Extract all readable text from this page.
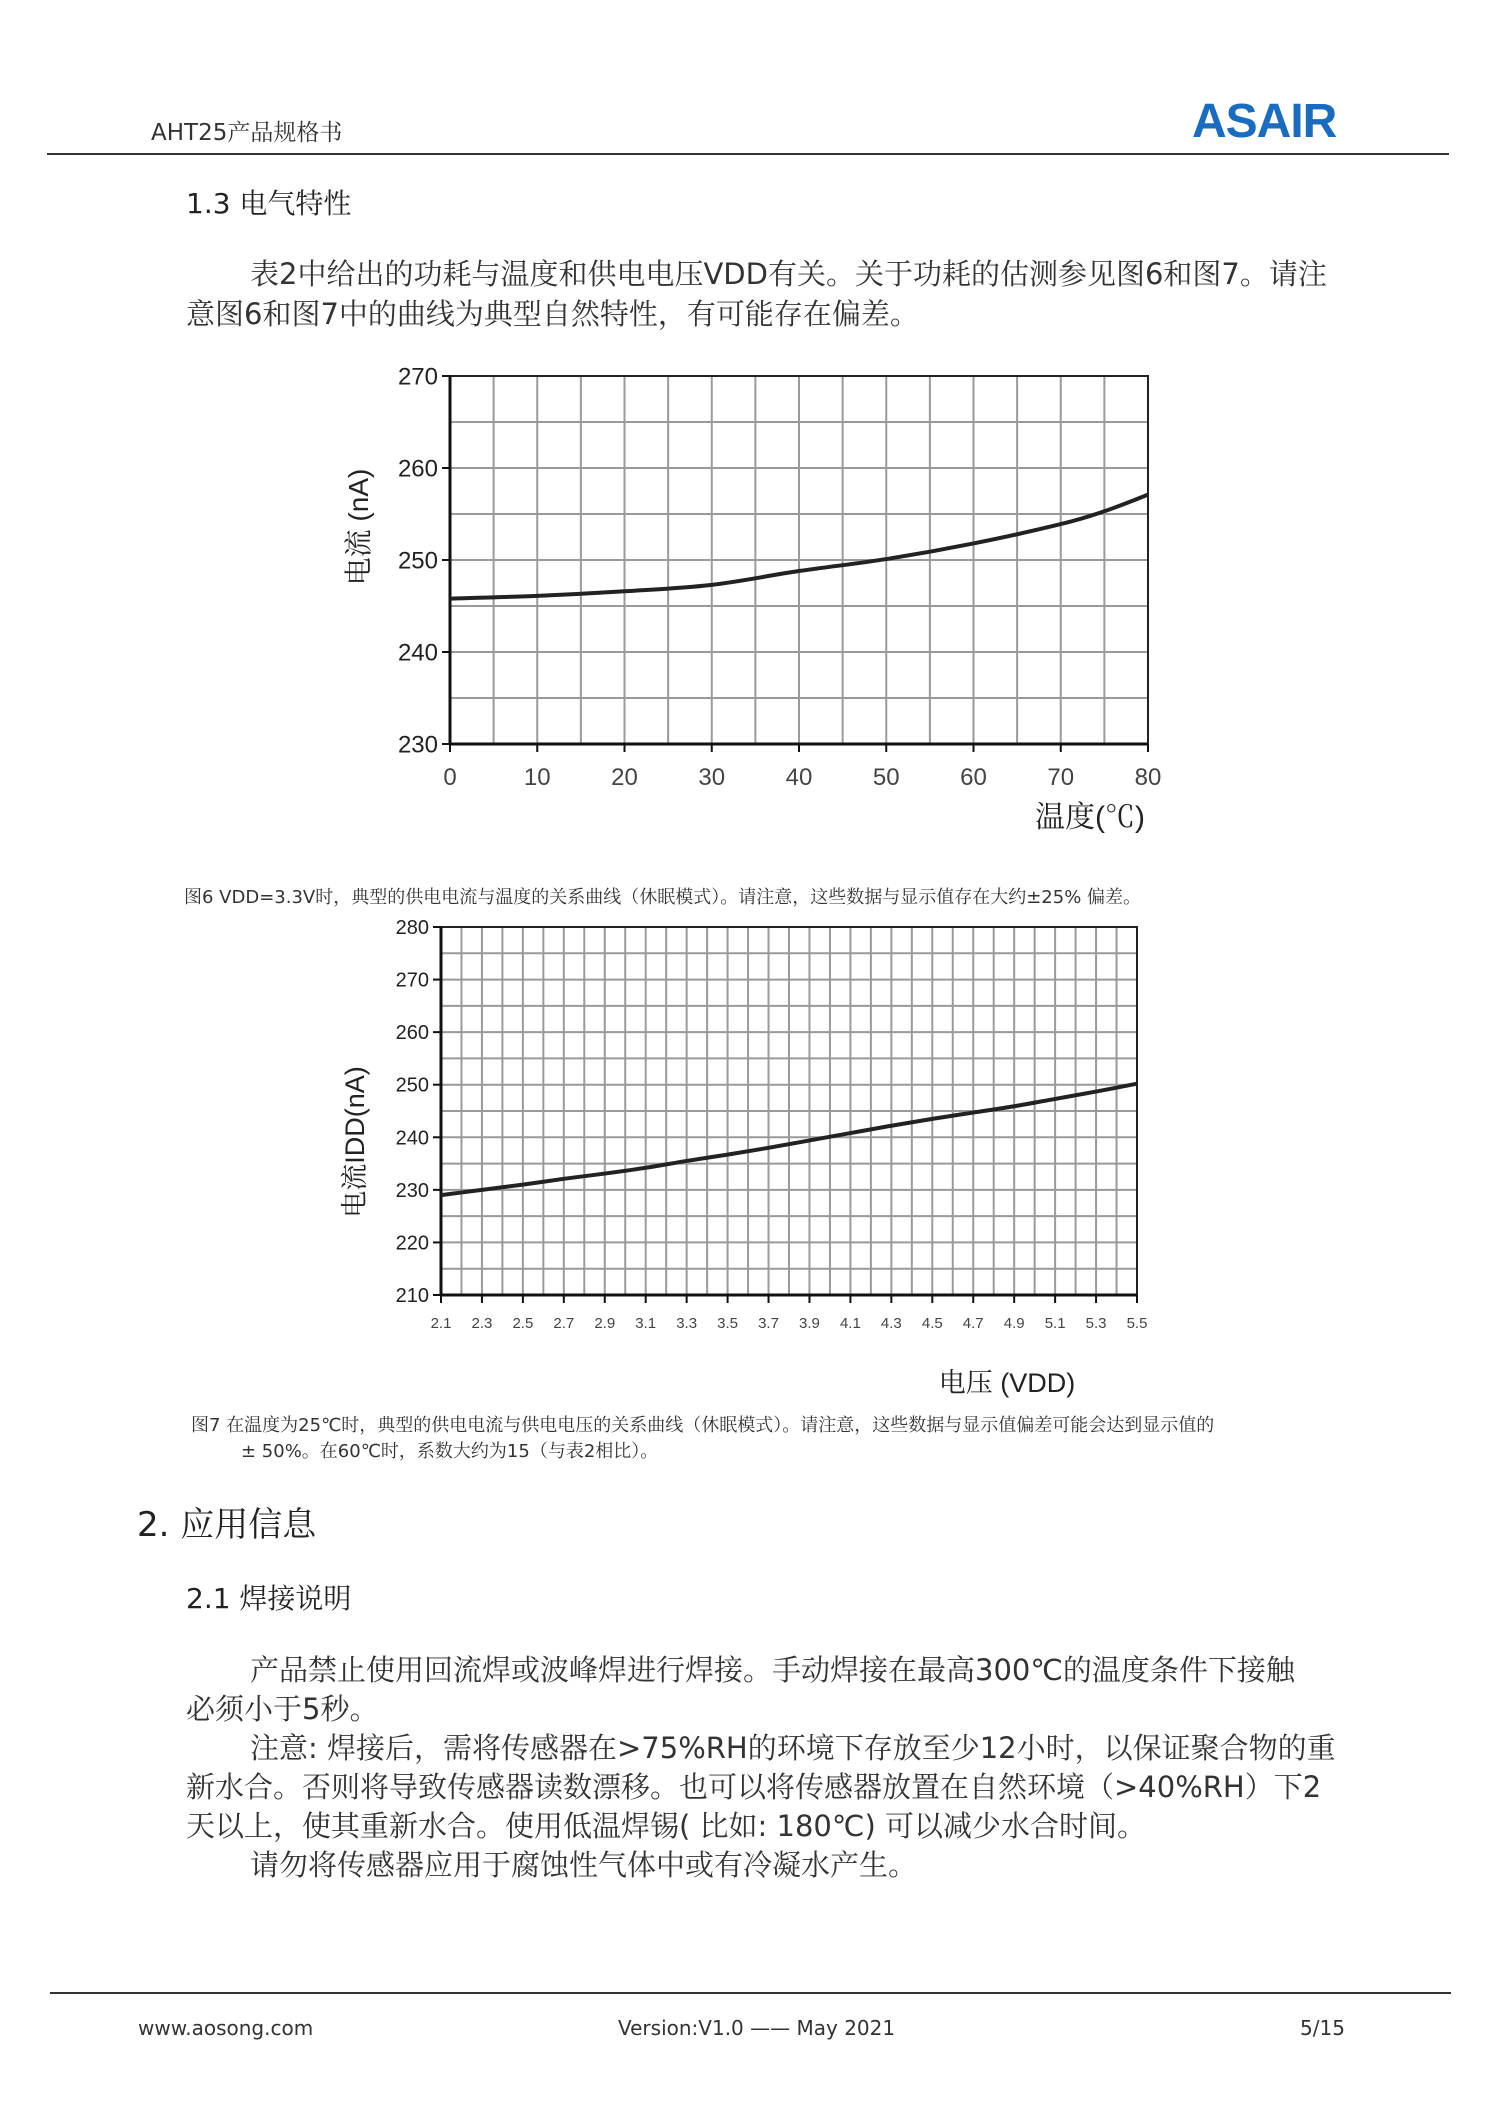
AHT25产品规格书	ASAIR
1.3 电气特性
表2中给出的功耗与温度和供电电压VDD有关。关于功耗的估测参见图6和图7。请注
意图6和图7中的曲线为典型自然特性，有可能存在偏差。
230
240
250
260
270
0	10	20	30	40	50	60	70	80
温度(℃)
电流 (nA)
210
220
230
240
250
260
270
280
2.1 2.3 2.5 2.7 2.9 3.1 3.3 3.5 3.7 3.9 4.1 4.3 4.5 4.7 4.9 5.1 5.3 5.5
电压 (VDD)
电流IDD(nA)
图6 VDD=3.3V时，典型的供电电流与温度的关系曲线（休眠模式）。请注意，这些数据与显示值存在大约±25% 偏差。
图7 在温度为25℃时，典型的供电电流与供电电压的关系曲线（休眠模式）。请注意，这些数据与显示值偏差可能会达到显示值的
± 50%。在60℃时，系数大约为15（与表2相比）。
2. 应用信息
2.1 焊接说明
产品禁止使用回流焊或波峰焊进行焊接。手动焊接在最高300℃的温度条件下接触
必须小于5秒。
注意: 焊接后，需将传感器在>75%RH的环境下存放至少12小时，以保证聚合物的重
新水合。否则将导致传感器读数漂移。也可以将传感器放置在自然环境（>40%RH）下2
天以上，使其重新水合。使用低温焊锡( 比如: 180℃) 可以减少水合时间。
请勿将传感器应用于腐蚀性气体中或有冷凝水产生。
www.aosong.com	Version:V1.0 —— May 2021	5/15
